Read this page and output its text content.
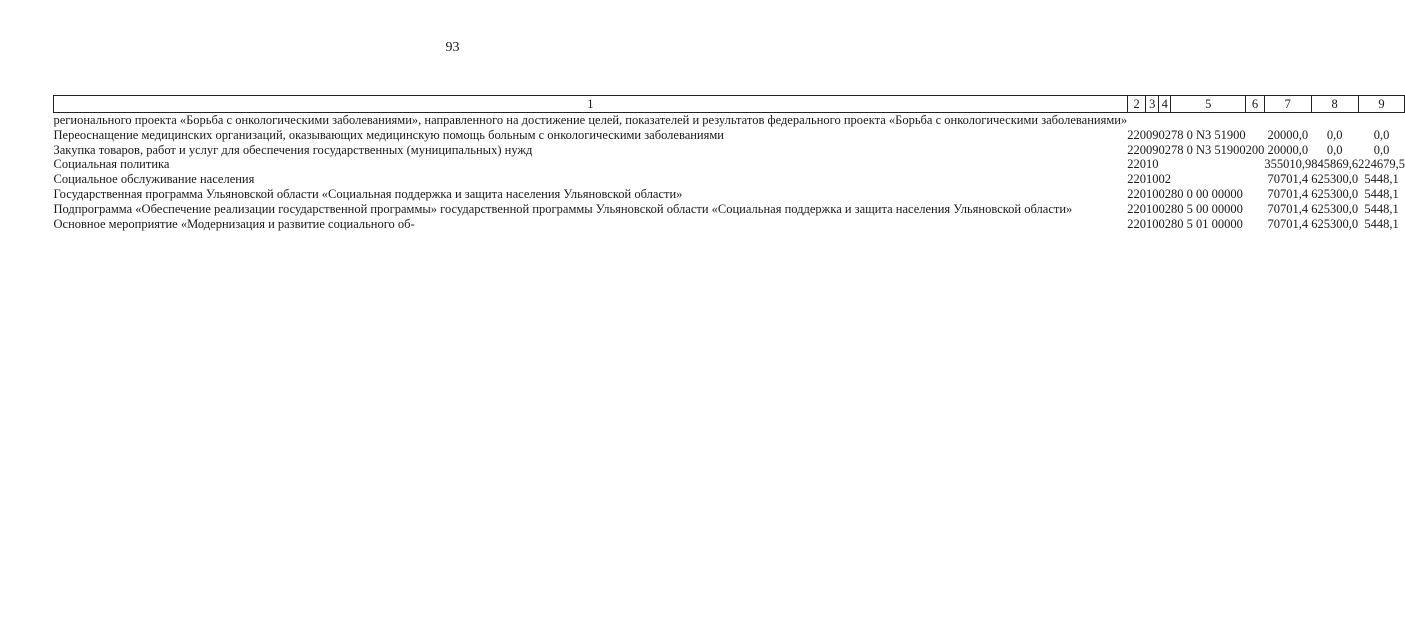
93
1	2	3	4	5	6	7	8	9
регионального проекта «Борьба с онкологическими заболеваниями», направленного на достижение целей, показателей и результатов федерального проекта «Борьба с онкологическими заболеваниями»								
Переоснащение медицинских организаций, оказывающих медицинскую помощь больным с онкологическими заболеваниями	220	09	02	78 0 N3 51900		20000,0	0,0	0,0
Закупка товаров, работ и услуг для обеспечения государственных (муниципальных) нужд	220	09	02	78 0 N3 51900	200	20000,0	0,0	0,0
Социальная политика	220	10				355010,9	845869,6	224679,5
Социальное обслуживание населения	220	10	02			70701,4	625300,0	5448,1
Государственная программа Ульяновской области «Социальная поддержка и защита населения Ульяновской области»	220	10	02	80 0 00 00000		70701,4	625300,0	5448,1
Подпрограмма «Обеспечение реализации государственной программы» государственной программы Ульяновской области «Социальная поддержка и защита населения Ульяновской области»	220	10	02	80 5 00 00000		70701,4	625300,0	5448,1
Основное мероприятие «Модернизация и развитие социального об-	220	10	02	80 5 01 00000		70701,4	625300,0	5448,1
